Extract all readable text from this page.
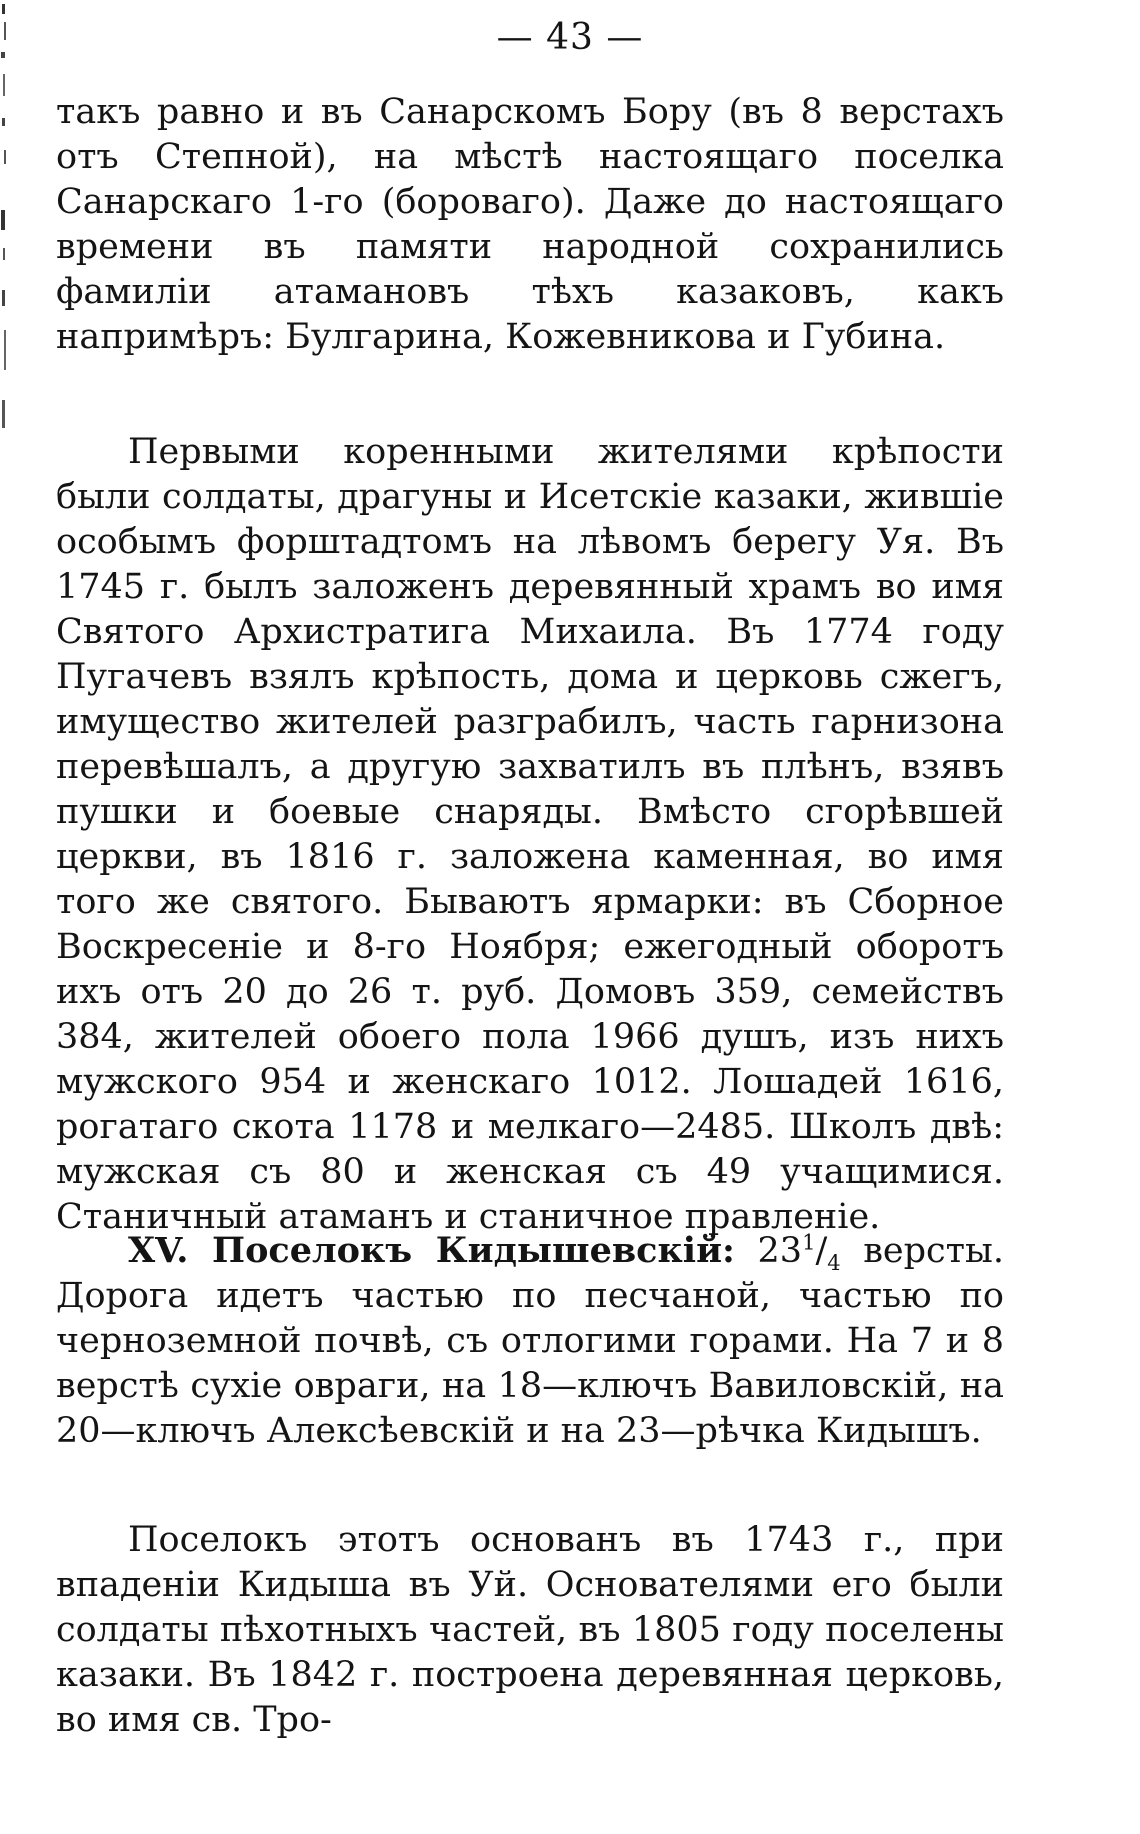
— 43 —

такъ равно и въ Санарскомъ Бору (въ 8 верстахъ отъ Степной), на мѣстѣ настоящаго поселка Санарскаго 1-го (бороваго). Даже до настоящаго времени въ памяти народной сохранились фамиліи атамановъ тѣхъ казаковъ, какъ напримѣръ: Булгарина, Кожевникова и Губина.

Первыми коренными жителями крѣпости были солдаты, драгуны и Исетскіе казаки, жившіе особымъ форштадтомъ на лѣвомъ берегу Уя. Въ 1745 г. былъ заложенъ деревянный храмъ во имя Святого Архистратига Михаила. Въ 1774 году Пугачевъ взялъ крѣпость, дома и церковь сжегъ, имущество жителей разграбилъ, часть гарнизона перевѣшалъ, а другую захватилъ въ плѣнъ, взявъ пушки и боевые снаряды. Вмѣсто сгорѣвшей церкви, въ 1816 г. заложена каменная, во имя того же святого. Бываютъ ярмарки: въ Сборное Воскресеніе и 8-го Ноября; ежегодный оборотъ ихъ отъ 20 до 26 т. руб. Домовъ 359, семействъ 384, жителей обоего пола 1966 душъ, изъ нихъ мужского 954 и женскаго 1012. Лошадей 1616, рогатаго скота 1178 и мелкаго—2485. Школъ двѣ: мужская съ 80 и женская съ 49 учащимися. Станичный атаманъ и станичное правленіе.

XV. Поселокъ Кидышевскій: $23^1/_4$ версты. Дорога идетъ частью по песчаной, частью по черноземной почвѣ, съ отлогими горами. На 7 и 8 верстѣ сухіе овраги, на 18—ключъ Вавиловскій, на 20—ключъ Алексѣевскій и на 23—рѣчка Кидышъ.

Поселокъ этотъ основанъ въ 1743 г., при впаденіи Кидыша въ Уй. Основателями его были солдаты пѣхотныхъ частей, въ 1805 году поселены казаки. Въ 1842 г. построена деревянная церковь, во имя св. Тро-
